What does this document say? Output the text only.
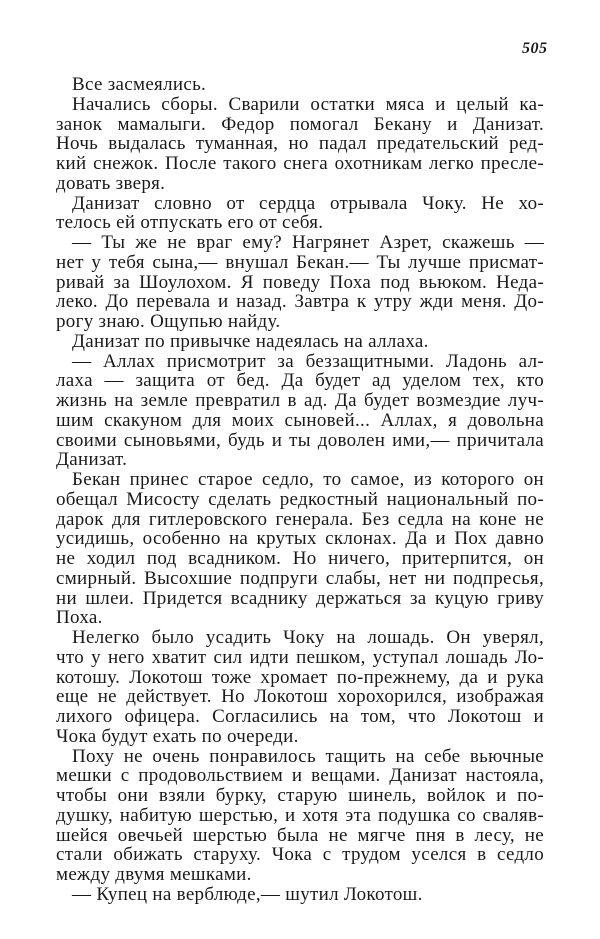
505
Все засмеялись.
Начались сборы. Сварили остатки мяса и целый ка-
занок мамалыги. Федор помогал Бекану и Данизат.
Ночь выдалась туманная, но падал предательский ред-
кий снежок. После такого снега охотникам легко пресле-
довать зверя.
Данизат словно от сердца отрывала Чоку. Не хо-
телось ей отпускать его от себя.
— Ты же не враг ему? Нагрянет Азрет, скажешь —
нет у тебя сына,— внушал Бекан.— Ты лучше присмат-
ривай за Шоулохом. Я поведу Поха под вьюком. Неда-
леко. До перевала и назад. Завтра к утру жди меня. До-
рогу знаю. Ощупью найду.
Данизат по привычке надеялась на аллаха.
— Аллах присмотрит за беззащитными. Ладонь ал-
лаха — защита от бед. Да будет ад уделом тех, кто
жизнь на земле превратил в ад. Да будет возмездие луч-
шим скакуном для моих сыновей... Аллах, я довольна
своими сыновьями, будь и ты доволен ими,— причитала
Данизат.
Бекан принес старое седло, то самое, из которого он
обещал Мисосту сделать редкостный национальный по-
дарок для гитлеровского генерала. Без седла на коне не
усидишь, особенно на крутых склонах. Да и Пох давно
не ходил под всадником. Но ничего, притерпится, он
смирный. Высохшие подпруги слабы, нет ни подпресья,
ни шлеи. Придется всаднику держаться за куцую гриву
Поха.
Нелегко было усадить Чоку на лошадь. Он уверял,
что у него хватит сил идти пешком, уступал лошадь Ло-
котошу. Локотош тоже хромает по-прежнему, да и рука
еще не действует. Но Локотош хорохорился, изображая
лихого офицера. Согласились на том, что Локотош и
Чока будут ехать по очереди.
Поху не очень понравилось тащить на себе вьючные
мешки с продовольствием и вещами. Данизат настояла,
чтобы они взяли бурку, старую шинель, войлок и по-
душку, набитую шерстью, и хотя эта подушка со сваляв-
шейся овечьей шерстью была не мягче пня в лесу, не
стали обижать старуху. Чока с трудом уселся в седло
между двумя мешками.
— Купец на верблюде,— шутил Локотош.
